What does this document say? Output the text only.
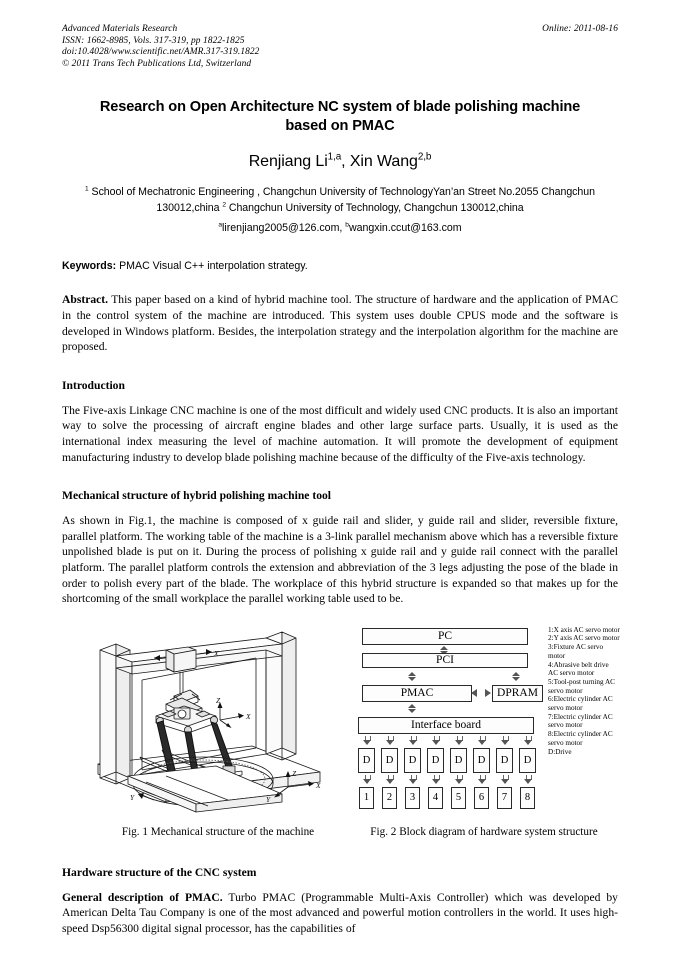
Online: 2011-08-16
Advanced Materials Research
ISSN: 1662-8985, Vols. 317-319, pp 1822-1825
doi:10.4028/www.scientific.net/AMR.317-319.1822
© 2011 Trans Tech Publications Ltd, Switzerland
Research on Open Architecture NC system of blade polishing machine
based on PMAC
Renjiang Li$^{1,a}$, Xin Wang$^{2,b}$
$^1$ School of Mechatronic Engineering , Changchun University of TechnologyYan’an Street No.2055 Changchun 130012,china $^2$ Changchun University of Technology, Changchun 130012,china
$^a$lirenjiang2005@126.com, $^b$wangxin.ccut@163.com
Keywords: PMAC Visual C++ interpolation strategy.
Abstract. This paper based on a kind of hybrid machine tool. The structure of hardware and the application of PMAC in the control system of the machine are introduced. This system uses double CPUS mode and the software is developed in Windows platform. Besides, the interpolation strategy and the interpolation algorithm for the machine are proposed.
Introduction
The Five-axis Linkage CNC machine is one of the most difficult and widely used CNC products. It is also an important way to solve the processing of aircraft engine blades and other large surface parts. Usually, it is used as the international index measuring the level of machine automation. It will promote the development of equipment manufacturing industry to develop blade polishing machine because of the difficulty of the Five-axis technology.
Mechanical structure of hybrid polishing machine tool
As shown in Fig.1, the machine is composed of x guide rail and slider, y guide rail and slider, reversible fixture, parallel platform. The working table of the machine is a 3-link parallel mechanism above which has a reversible fixture unpolished blade is put on it. During the process of polishing x guide rail and y guide rail connect with the parallel platform. The parallel platform controls the extension and abbreviation of the 3 legs adjusting the pose of the blade in order to polish every part of the blade. The workplace of this hybrid structure is expanded so that makes up for the shortcoming of the small workplace the parallel working table used to be.
X
Z
X
Y
Z
Y
X
PC
PCI
PMAC	DPRAM
Interface board
D	D	D	D	D	D	D	D
1	2	3	4	5	6	7	8
1:X axis AC servo motor
2:Y axis AC servo motor
3:Fixture AC servo motor
4:Abrasive belt drive AC servo motor
5:Tool-post turning AC servo motor
6:Electric cylinder AC servo motor
7:Electric cylinder AC servo motor
8:Electric cylinder AC servo motor
D:Drive
Fig. 1 Mechanical structure of the machine	Fig. 2 Block diagram of hardware system structure
Hardware structure of the CNC system
General description of PMAC. Turbo PMAC (Programmable Multi-Axis Controller) which was developed by American Delta Tau Company is one of the most advanced and powerful motion controllers in the world. It uses high-speed Dsp56300 digital signal processor, has the capabilities of
